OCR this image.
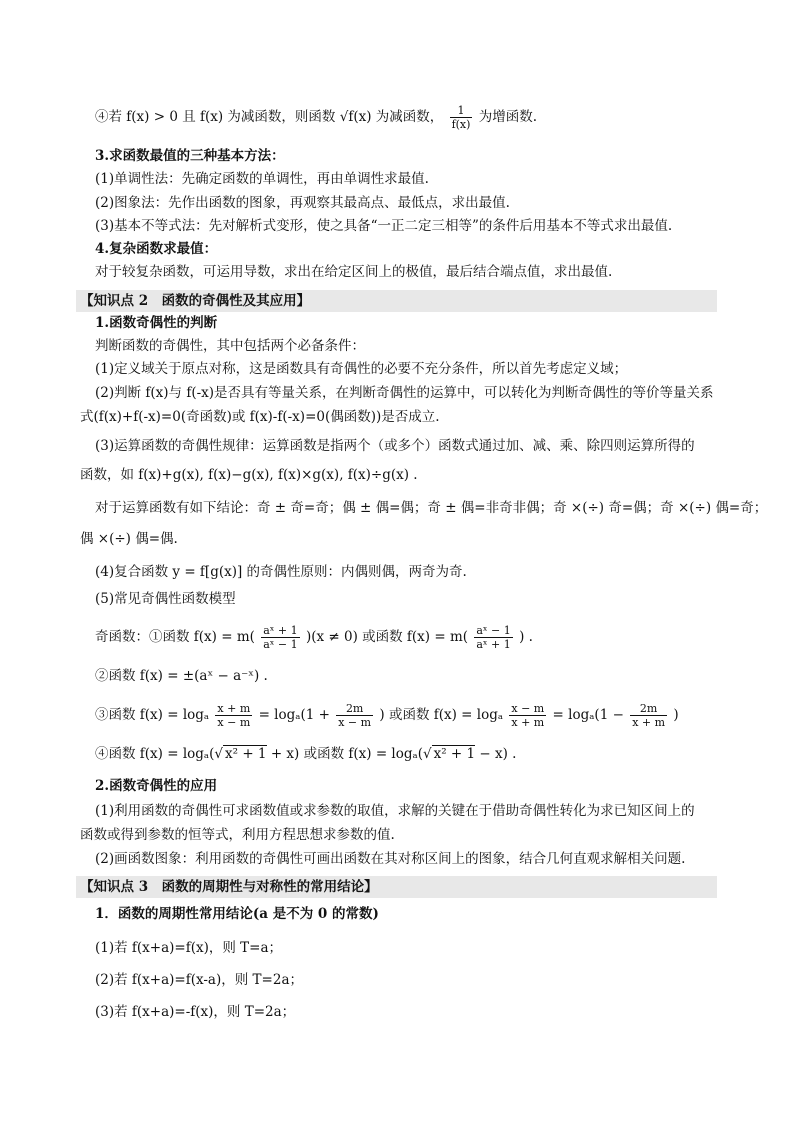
④若 f(x) > 0 且 f(x) 为减函数，则函数 √f(x) 为减函数， $\frac{1}{f(x)}$ 为增函数.
3.求函数最值的三种基本方法：
(1)单调性法：先确定函数的单调性，再由单调性求最值.
(2)图象法：先作出函数的图象，再观察其最高点、最低点，求出最值.
(3)基本不等式法：先对解析式变形，使之具备“一正二定三相等”的条件后用基本不等式求出最值.
4.复杂函数求最值：
对于较复杂函数，可运用导数，求出在给定区间上的极值，最后结合端点值，求出最值.
【知识点 2　函数的奇偶性及其应用】
1.函数奇偶性的判断
判断函数的奇偶性，其中包括两个必备条件：
(1)定义域关于原点对称，这是函数具有奇偶性的必要不充分条件，所以首先考虑定义域；
(2)判断 f(x)与 f(-x)是否具有等量关系，在判断奇偶性的运算中，可以转化为判断奇偶性的等价等量关系
式(f(x)+f(-x)=0(奇函数)或 f(x)-f(-x)=0(偶函数))是否成立.
(3)运算函数的奇偶性规律：运算函数是指两个（或多个）函数式通过加、减、乘、除四则运算所得的
函数，如 f(x)+g(x), f(x)−g(x), f(x)×g(x), f(x)÷g(x) .
对于运算函数有如下结论：奇 ± 奇=奇；偶 ± 偶=偶；奇 ± 偶=非奇非偶；奇 ×(÷) 奇=偶；奇 ×(÷) 偶=奇；
偶 ×(÷) 偶=偶.
(4)复合函数 y = f[g(x)] 的奇偶性原则：内偶则偶，两奇为奇.
(5)常见奇偶性函数模型
奇函数：①函数 $f(x) = m( \frac{\text{aˣ + 1}}{\text{aˣ − 1}} )(x \ne 0)$ 或函数 $f(x) = m( \frac{\text{aˣ − 1}}{\text{aˣ + 1}}$ ) .
②函数 f(x) = ±(aˣ − a⁻ˣ) .
③函数 f(x) = logₐ $\frac{x + m}{x - m} = \log_a(1 + \frac{2m}{x - m}$ ) 或函数 f(x) = logₐ $\frac{x - m}{x + m} = \log_a(1 - \frac{2m}{x + m}$ )
④函数 f(x) = logₐ(√ x² + 1 + x) 或函数 f(x) = logₐ(√ x² + 1 − x) .
2.函数奇偶性的应用
(1)利用函数的奇偶性可求函数值或求参数的取值，求解的关键在于借助奇偶性转化为求已知区间上的
函数或得到参数的恒等式，利用方程思想求参数的值.
(2)画函数图象：利用函数的奇偶性可画出函数在其对称区间上的图象，结合几何直观求解相关问题.
【知识点 3　函数的周期性与对称性的常用结论】
1．函数的周期性常用结论(a 是不为 0 的常数)
(1)若 f(x+a)=f(x)，则 T=a；
(2)若 f(x+a)=f(x-a)，则 T=2a；
(3)若 f(x+a)=-f(x)，则 T=2a；
